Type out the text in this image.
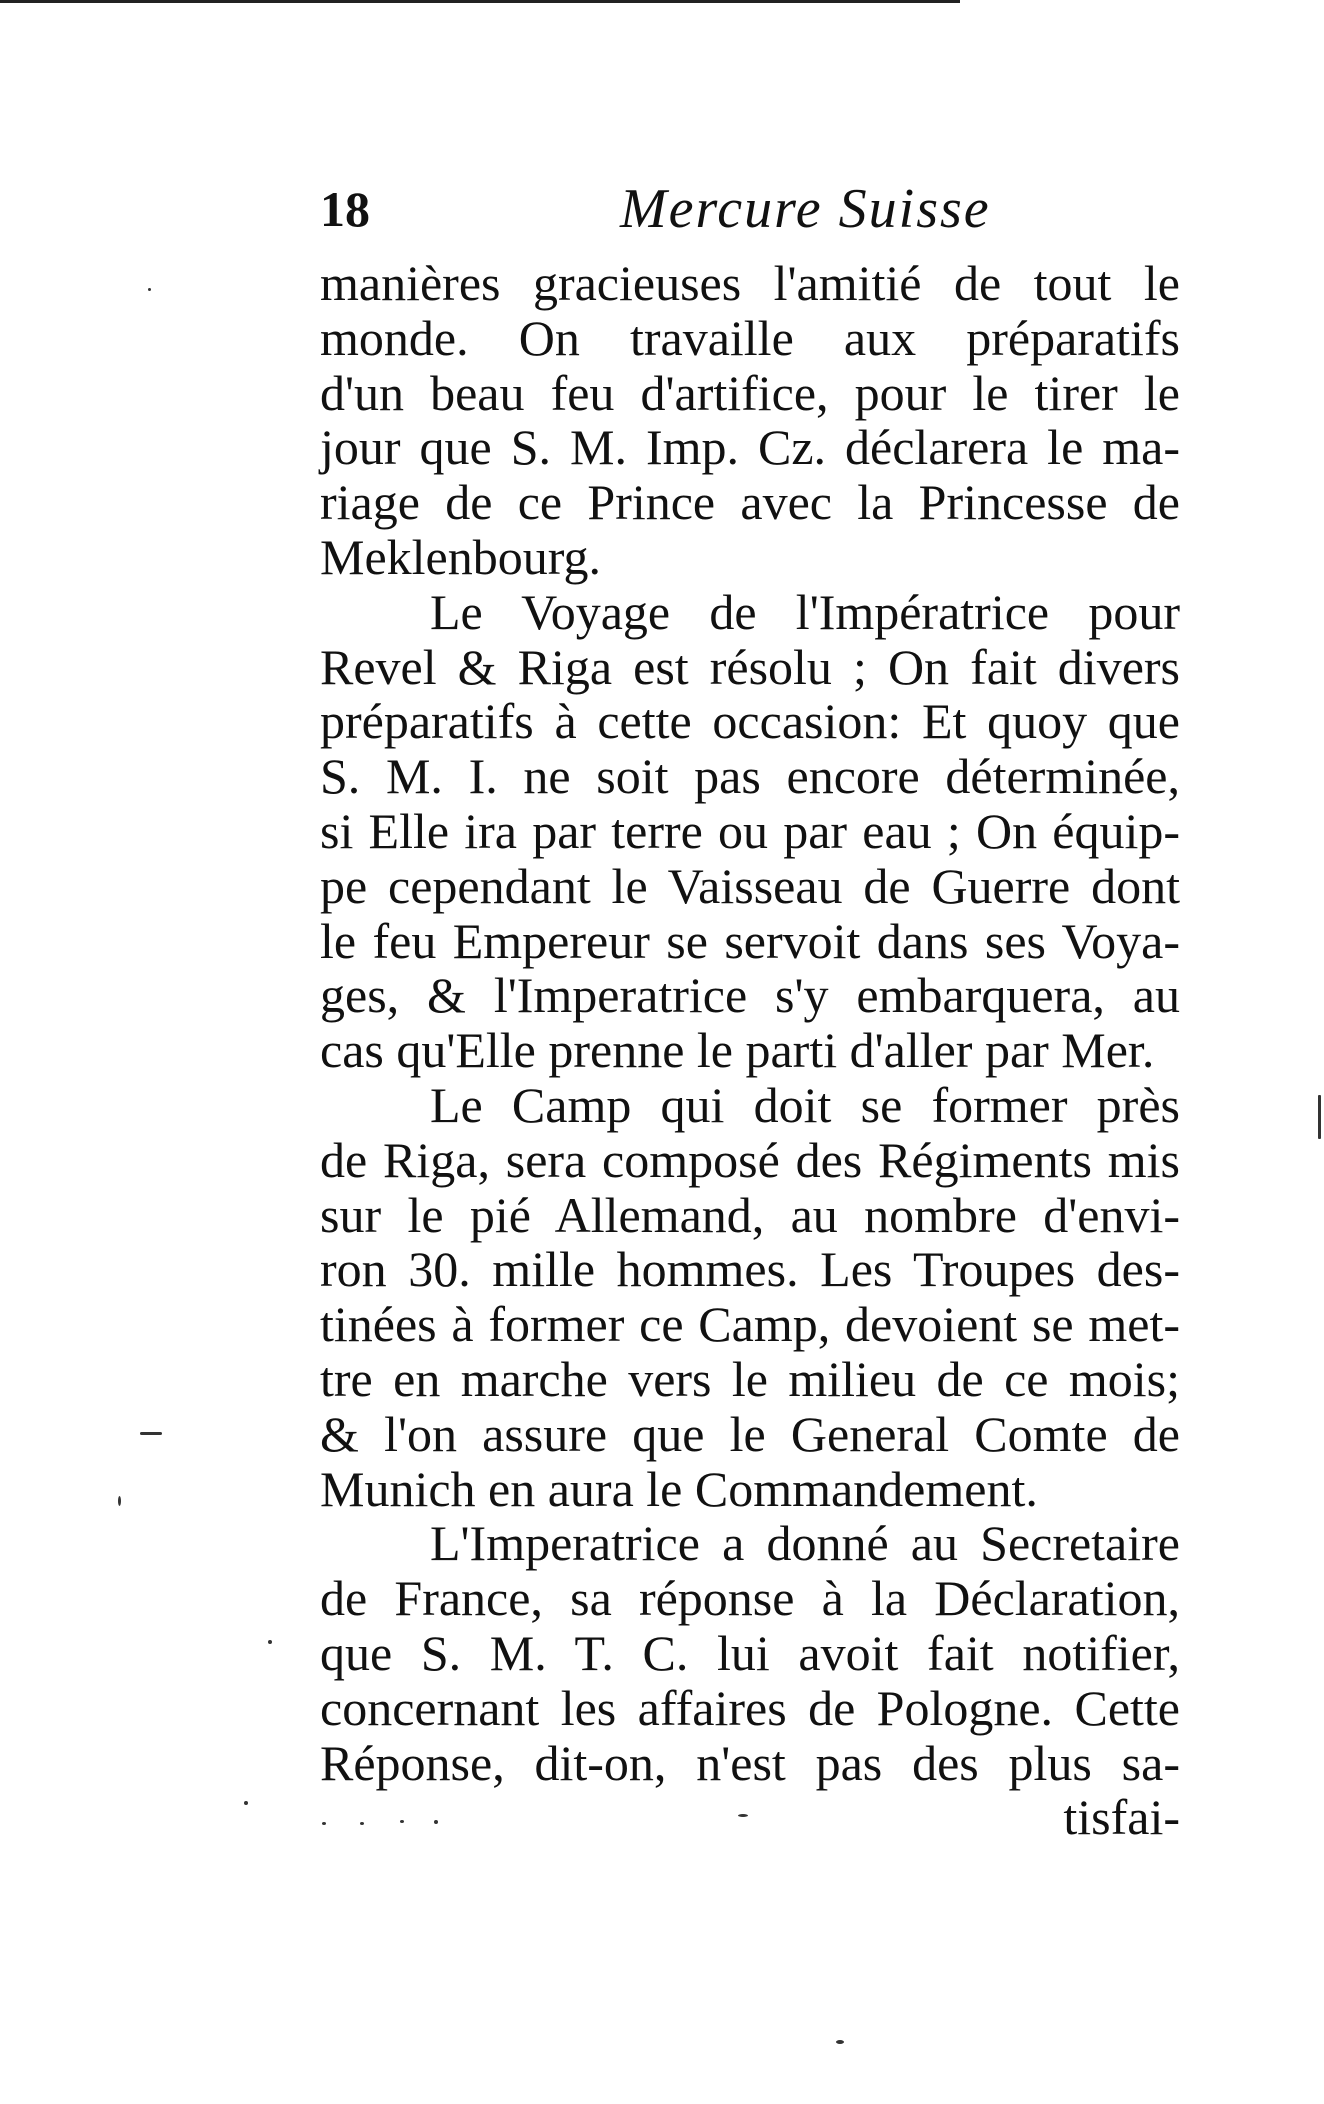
18	Mercure Suisse
manières gracieuses l'amitié de tout le
monde. On travaille aux préparatifs
d'un beau feu d'artifice, pour le tirer le
jour que S. M. Imp. Cz. déclarera le ma-
riage de ce Prince avec la Princesse de
Meklenbourg.
Le Voyage de l'Impératrice pour
Revel & Riga est résolu ; On fait divers
préparatifs à cette occasion: Et quoy que
S. M. I. ne soit pas encore déterminée,
si Elle ira par terre ou par eau ; On équip-
pe cependant le Vaisseau de Guerre dont
le feu Empereur se servoit dans ses Voya-
ges, & l'Imperatrice s'y embarquera, au
cas qu'Elle prenne le parti d'aller par Mer.
Le Camp qui doit se former près
de Riga, sera composé des Régiments mis
sur le pié Allemand, au nombre d'envi-
ron 30. mille hommes. Les Troupes des-
tinées à former ce Camp, devoient se met-
tre en marche vers le milieu de ce mois;
& l'on assure que le General Comte de
Munich en aura le Commandement.
L'Imperatrice a donné au Secretaire
de France, sa réponse à la Déclaration,
que S. M. T. C. lui avoit fait notifier,
concernant les affaires de Pologne. Cette
Réponse, dit-on, n'est pas des plus sa-
tisfai-
